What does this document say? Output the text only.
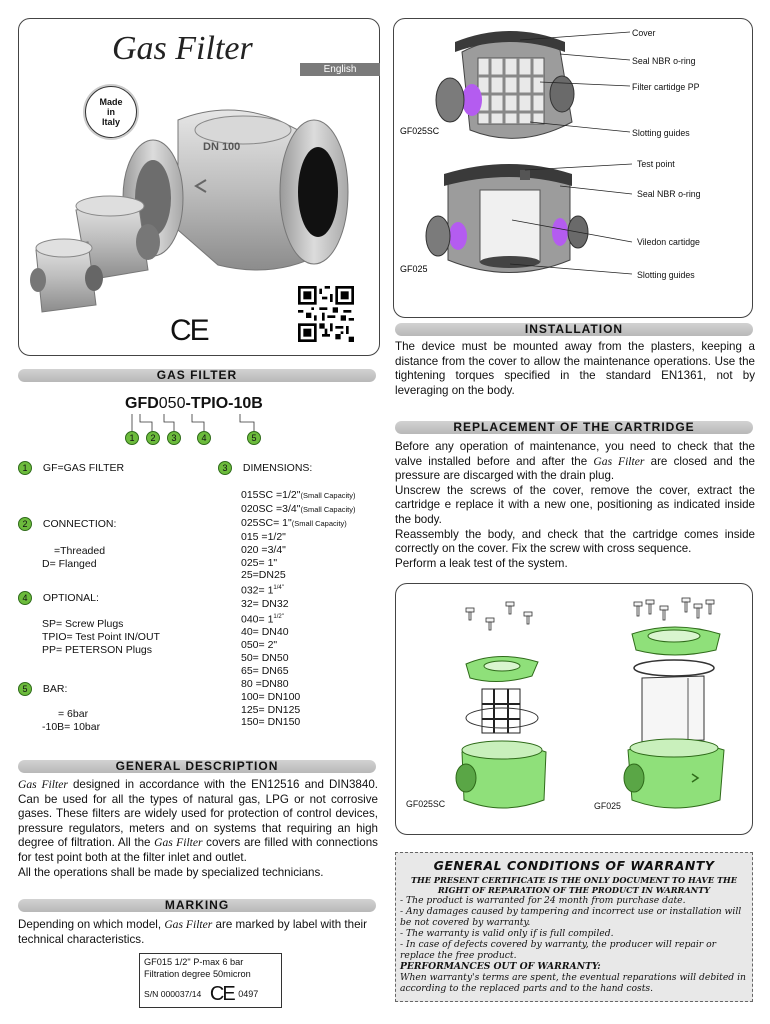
Gas Filter
English
Made
in
Italy
DN 100
CE
GF025SC
Cover
Seal NBR o-ring
Filter cartidge PP
Slotting guides
GF025
Test point
Seal NBR o-ring
Viledon cartidge
Slotting guides
GAS FILTER
GFD050-TPIO-10B
1	2	3	4	5
1 GF=GAS FILTER
2 CONNECTION:
=Threaded
D= Flanged
4 OPTIONAL:
SP= Screw Plugs
TPIO= Test Point IN/OUT
PP= PETERSON Plugs
5 BAR:
= 6bar
-10B= 10bar
3 DIMENSIONS:
015SC =1/2"(Small Capacity)
020SC =3/4"(Small Capacity)
025SC= 1"(Small Capacity)
015 =1/2"
020 =3/4"
025= 1"
25=DN25
$032= 1^{1/4"}$
32= DN32
$040= 1^{1/2"}$
40= DN40
050= 2"
50= DN50
65= DN65
80 =DN80
100= DN100
125= DN125
150= DN150
GENERAL DESCRIPTION
Gas Filter designed in accordance with the EN12516 and DIN3840. Can be used for all the types of natural gas, LPG or not corrosive gases. These filters are widely used for protection of control devices, pressure regulators, meters and on systems that requiring an high degree of filtration. All the Gas Filter covers are filled with connections for test point both at the filter inlet and outlet.
All the operations shall be made by specialized technicians.
MARKING
Depending on which model, Gas Filter are marked by label with their technical characteristics.
GF015 1/2" P-max 6 bar
Filtration degree 50micron
S/N 000037/14 CE 0497
INSTALLATION
The device must be mounted away from the plasters, keeping a distance from the cover to allow the maintenance operations. Use the tightening torques specified in the standard EN1361, not by leveraging on the body.
REPLACEMENT OF THE CARTRIDGE
Before any operation of maintenance, you need to check that the valve installed before and after the Gas Filter are closed and the pressure are discarged with the drain plug.
Unscrew the screws of the cover, remove the cover, extract the cartridge e replace it with a new one, positioning as indicated inside the body.
Reassembly the body, and check that the cartridge comes inside correctly on the cover. Fix the screw with cross sequence.
Perform a leak test of the system.
GF025SC	GF025
GENERAL CONDITIONS OF WARRANTY

THE PRESENT CERTIFICATE IS THE ONLY DOCUMENT TO HAVE THE RIGHT OF REPARATION OF THE PRODUCT IN WARRANTY

- The product is warranted for 24 month from purchase date.

- Any damages caused by tampering and incorrect use or installation will be not covered by warranty.

- The warranty is valid only if is full compiled.

- In case of defects covered by warranty, the producer will repair or replace the free product.

PERFORMANCES OUT OF WARRANTY:

When warranty's terms are spent, the eventual reparations will debited in according to the replaced parts and to the hand costs.
